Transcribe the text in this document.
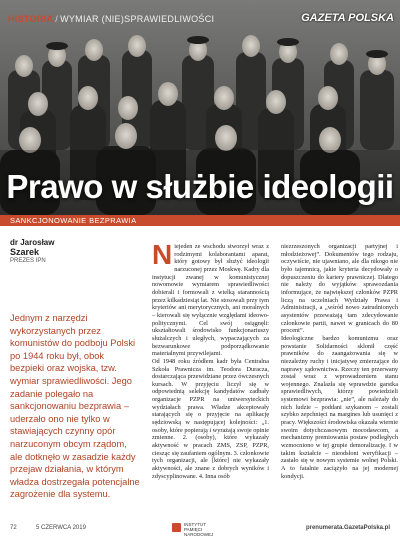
HISTORIA / WYMIAR (NIE)SPRAWIEDLIWOŚCI	GAZETA POLSKA
Prawo w służbie ideologii
SANKCJONOWANIE BEZPRAWIA
dr Jarosław
Szarek
PREZES IPN
Jednym z narzędzi wykorzystanych przez komunistów do podboju Polski po 1944 roku był, obok bezpieki oraz wojska, tzw. wymiar sprawiedliwości. Jego zadanie polegało na sankcjonowaniu bezprawia – uderzało ono nie tylko w stawiających czynny opór narzuconym obcym rządom, ale dotknęło w zasadzie każdy przejaw działania, w którym władza dostrzegała potencjalne zagrożenie dla systemu.
N iejeden ze wschodu stworzył wraz z rodzimymi kolaborantami aparat, który gotowy był służyć ideologii narzuconej przez Moskwę. Kadry dla instytucji zwanej w komunistycznej nowomowie wymiarem sprawiedliwości dobierali i formowali z wielką starannością przez kilkadziesiąt lat. Nie stosowali przy tym kryteriów ani merytorycznych, ani moralnych – kierowali się wyłącznie względami ideowo-politycznymi. Cel swój osiągnęli: ukształtowali środowisko funkcjonariuszy służalczych i uległych, wypaczających za bezwarunkowe podporządkowanie materialnymi przywilejami.

Od 1948 roku źródłem kadr była Centralna Szkoła Prawnicza im. Teodora Duracza, dostarczająca przewidziane przez ówczesnych kursach. W przyjęciu liczył się w odpowiednią selekcję kandydatów zadbały organizacje PZPR na uniwersyteckich wydziałach prawa. Władze akceptowały starających się o przyjęcie na aplikację sędziowską w następującej kolejności: „1. osoby, które popierają i wyrażają swoje opinie zmienne. 2. (osoby), które wykazały aktywność w pracach ZMS, ZSP, PZPR, ciesząc się zaufaniem ogólnym. 3. członkowie tych organizacji, ale [które] nie wykazały aktywności, ale znane z dobrych wyników i zdyscyplinowane. 4. Inna osób

niezrzeszonych organizacji partyjnej i młodzieżowej”. Dokumentów tego rodzaju, oczywiście, nie ujawniano, ale dla nikogo nie było tajemnicą, jakie kryteria decydowały o dopuszczeniu do kariery prawniczej. Dlatego nie należy do wyjątków sprawozdania informujące, że największej członków PZPR liczą na uczelniach Wydziały Prawa i Administracji, a „wśród nowo zatrudnionych asystentów przeważają tam zdecydowanie członkowie partii, nawet w granicach do 80 procent”.

Ideologiczne bardzo komunizmu oraz powstanie Solidarności sklonił część prawników do zaangażowania się w niezależny ruchy i inicjatywę zmierzające do naprawy sądownictwa. Rzeczy ten przerwany został wraz z wprowadzeniem stanu wojennego. Znalazła się wprawdzie garstka sprawiedliwych, którzy powiedzieli systemowi bezprawia: „nie”, ale należały do nich ludzie – poddani szykanom – zostali szybko zepchnięci na margines lub usunięci z pracy. Większości środowiska okazała wiernie swoim dotychczasowym mocodawcom, a mechanizmy premiowania postaw podległych wzmocniono w tej grupie demoralizację. I w takim kształcie – nieodsłoni weryfikacji – zastało się w nowym systemie wolnej Polski. A to fatalnie zaciążyło na jej modernej kondycji.

72	5 CZERWCA 2019
INSTYTUT PAMIĘCI NARODOWEJ
prenumerata.GazetaPolska.pl
